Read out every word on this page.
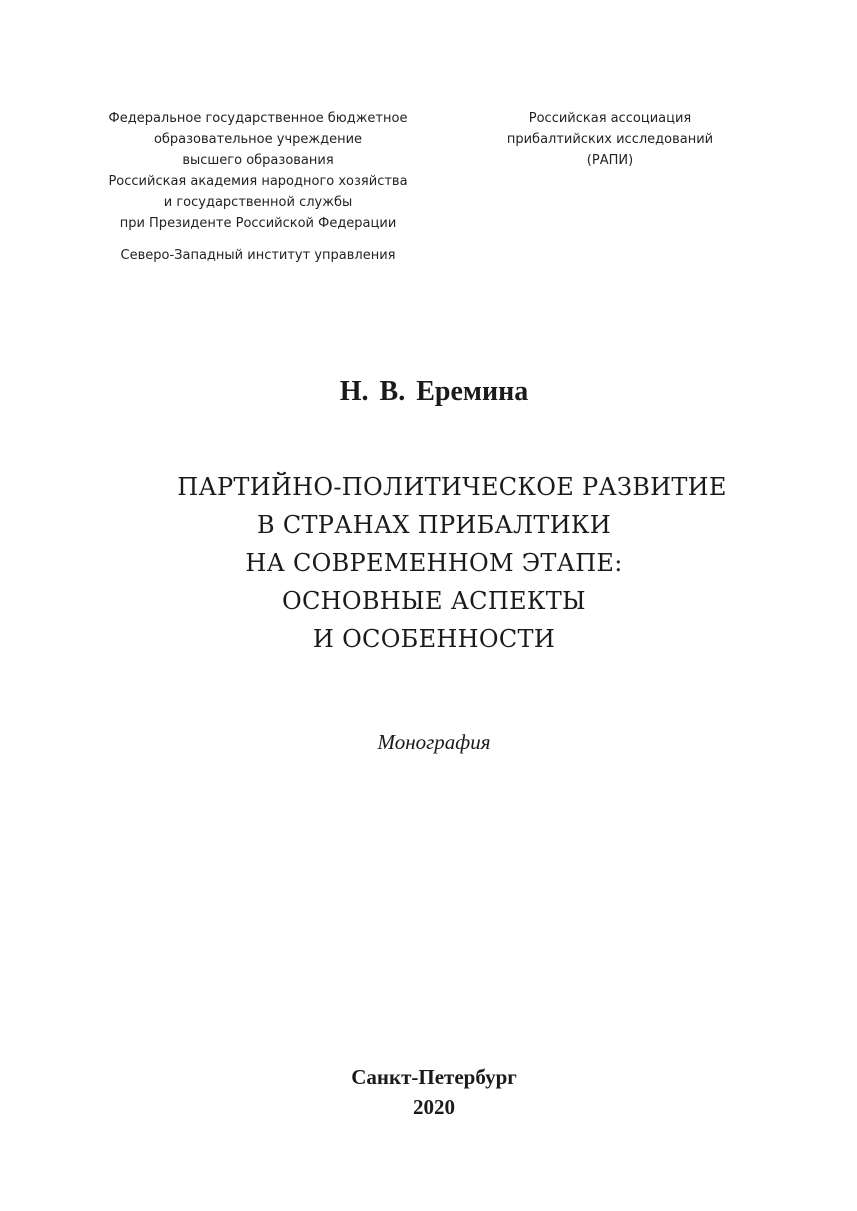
Федеральное государственное бюджетное
образовательное учреждение
высшего образования
Российская академия народного хозяйства
и государственной службы
при Президенте Российской Федерации
Северо-Западный институт управления
Российская ассоциация
прибалтийских исследований
(РАПИ)
Н. В. Еремина
ПАРТИЙНО-ПОЛИТИЧЕСКОЕ РАЗВИТИЕ
В СТРАНАХ ПРИБАЛТИКИ
НА СОВРЕМЕННОМ ЭТАПЕ:
ОСНОВНЫЕ АСПЕКТЫ
И ОСОБЕННОСТИ
Монография
Санкт-Петербург
2020
